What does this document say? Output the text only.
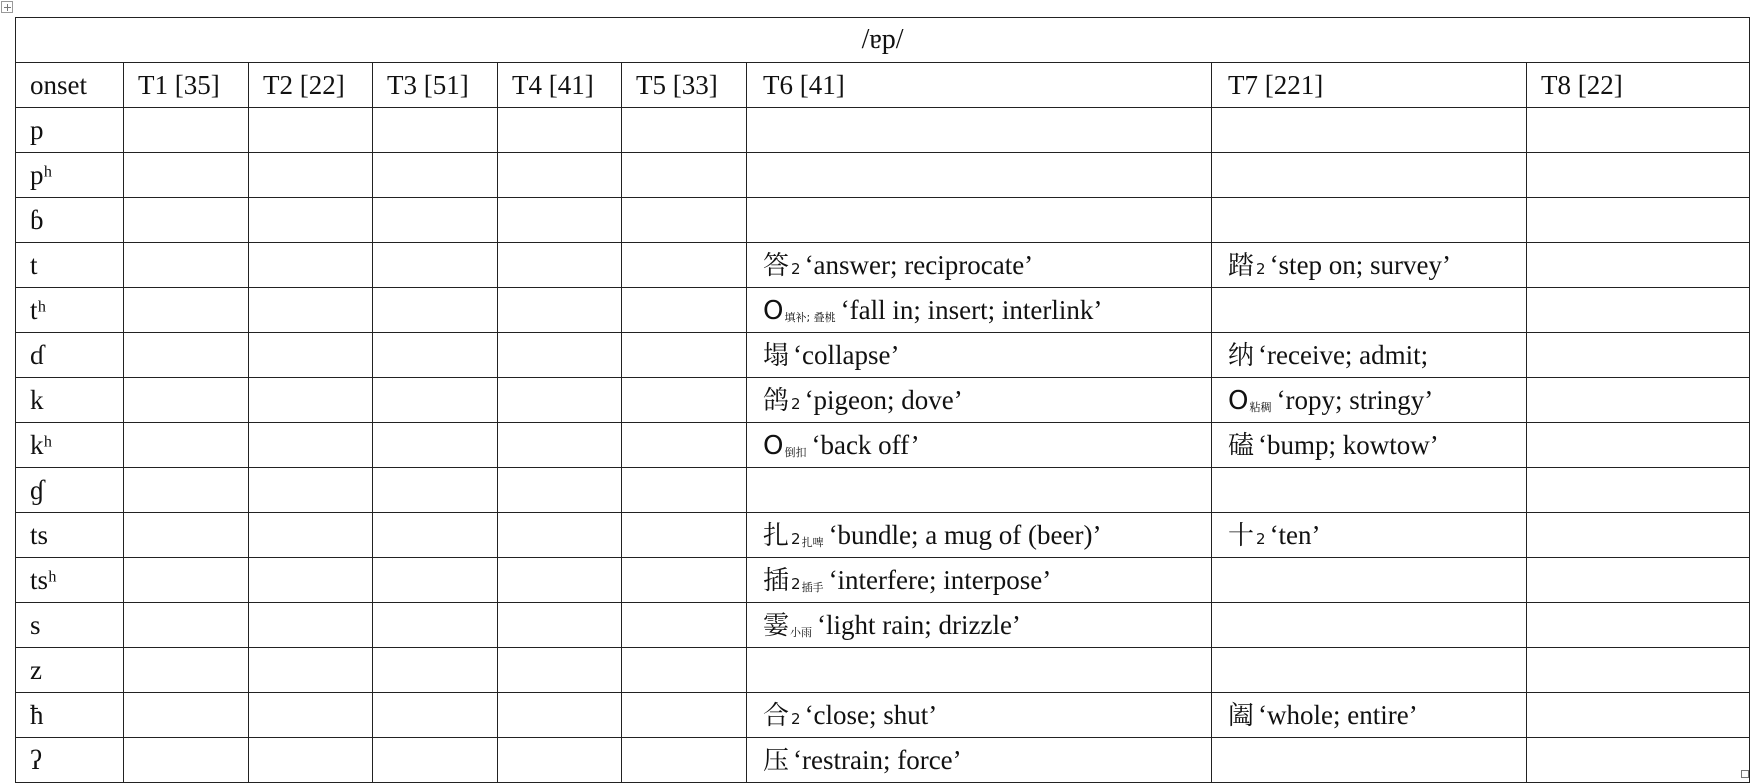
/ɐp/								
onset	T1 [35]	T2 [22]	T3 [51]	T4 [41]	T5 [33]	T6 [41]	T7 [221]	T8 [22]
p								
pʰ								
ɓ								
t						答 2 ‘answer; reciprocate’	踏 2 ‘step on; survey’	
tʰ						O填补; 叠桃 ‘fall in; insert; interlink’		
ɗ						塌 ‘collapse’	纳 ‘receive; admit;	
k						鸽 2 ‘pigeon; dove’	O粘稠 ‘ropy; stringy’	
kʰ						O倒扣 ‘back off’	磕 ‘bump; kowtow’	
ɠ								
ts						扎 2扎啤 ‘bundle; a mug of (beer)’	十 2 ‘ten’	
tsʰ						插 2插手 ‘interfere; interpose’		
s						霎小雨 ‘light rain; drizzle’		
z								
ħ						合 2 ‘close; shut’	阖 ‘whole; entire’	
ʔ						压 ‘restrain; force’		
